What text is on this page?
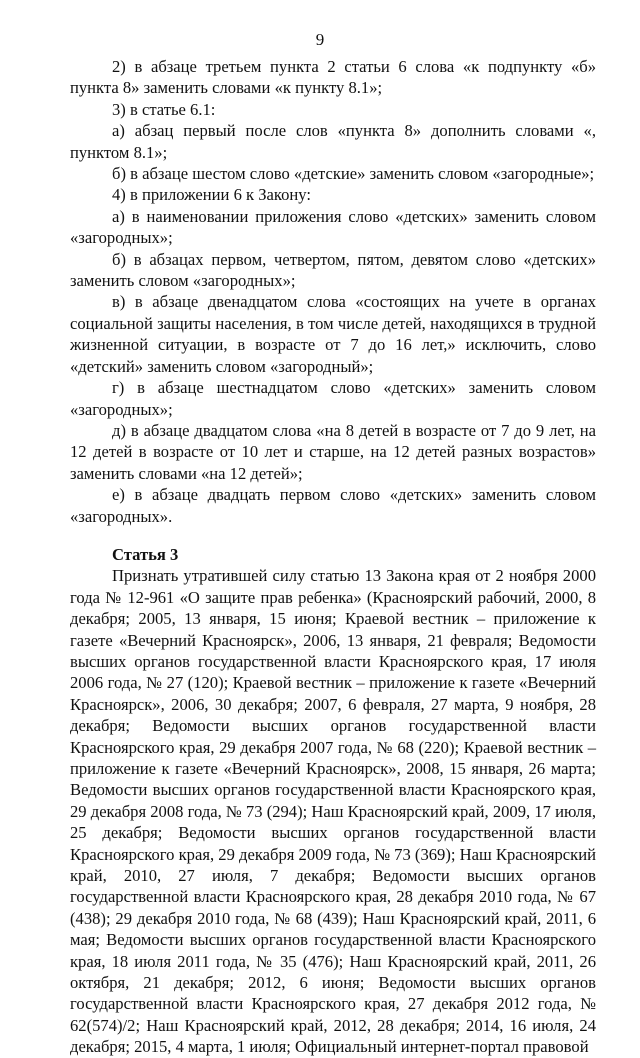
9

2) в абзаце третьем пункта 2 статьи 6 слова «к подпункту «б» пункта 8» заменить словами «к пункту 8.1»;

3) в статье 6.1:

а) абзац первый после слов «пункта 8» дополнить словами «, пунктом 8.1»;

б) в абзаце шестом слово «детские» заменить словом «загородные»;

4) в приложении 6 к Закону:

а) в наименовании приложения слово «детских» заменить словом «загородных»;

б) в абзацах первом, четвертом, пятом, девятом слово «детских» заменить словом «загородных»;

в) в абзаце двенадцатом слова «состоящих на учете в органах социальной защиты населения, в том числе детей, находящихся в трудной жизненной ситуации, в возрасте от 7 до 16 лет,» исключить, слово «детский» заменить словом «загородный»;

г) в абзаце шестнадцатом слово «детских» заменить словом «загородных»;

д) в абзаце двадцатом слова «на 8 детей в возрасте от 7 до 9 лет, на 12 детей в возрасте от 10 лет и старше, на 12 детей разных возрастов» заменить словами «на 12 детей»;

е) в абзаце двадцать первом слово «детских» заменить словом «загородных».

Статья 3

Признать утратившей силу статью 13 Закона края от 2 ноября 2000 года № 12-961 «О защите прав ребенка» (Красноярский рабочий, 2000, 8 декабря; 2005, 13 января, 15 июня; Краевой вестник – приложение к газете «Вечерний Красноярск», 2006, 13 января, 21 февраля; Ведомости высших органов государственной власти Красноярского края, 17 июля 2006 года, № 27 (120); Краевой вестник – приложение к газете «Вечерний Красноярск», 2006, 30 декабря; 2007, 6 февраля, 27 марта, 9 ноября, 28 декабря; Ведомости высших органов государственной власти Красноярского края, 29 декабря 2007 года, № 68 (220); Краевой вестник – приложение к газете «Вечерний Красноярск», 2008, 15 января, 26 марта; Ведомости высших органов государственной власти Красноярского края, 29 декабря 2008 года, № 73 (294); Наш Красноярский край, 2009, 17 июля, 25 декабря; Ведомости высших органов государственной власти Красноярского края, 29 декабря 2009 года, № 73 (369); Наш Красноярский край, 2010, 27 июля, 7 декабря; Ведомости высших органов государственной власти Красноярского края, 28 декабря 2010 года, № 67 (438); 29 декабря 2010 года, № 68 (439); Наш Красноярский край, 2011, 6 мая; Ведомости высших органов государственной власти Красноярского края, 18 июля 2011 года, № 35 (476); Наш Красноярский край, 2011, 26 октября, 21 декабря; 2012, 6 июня; Ведомости высших органов государственной власти Красноярского края, 27 декабря 2012 года, № 62(574)/2; Наш Красноярский край, 2012, 28 декабря; 2014, 16 июля, 24 декабря; 2015, 4 марта, 1 июля; Официальный интернет-портал правовой
